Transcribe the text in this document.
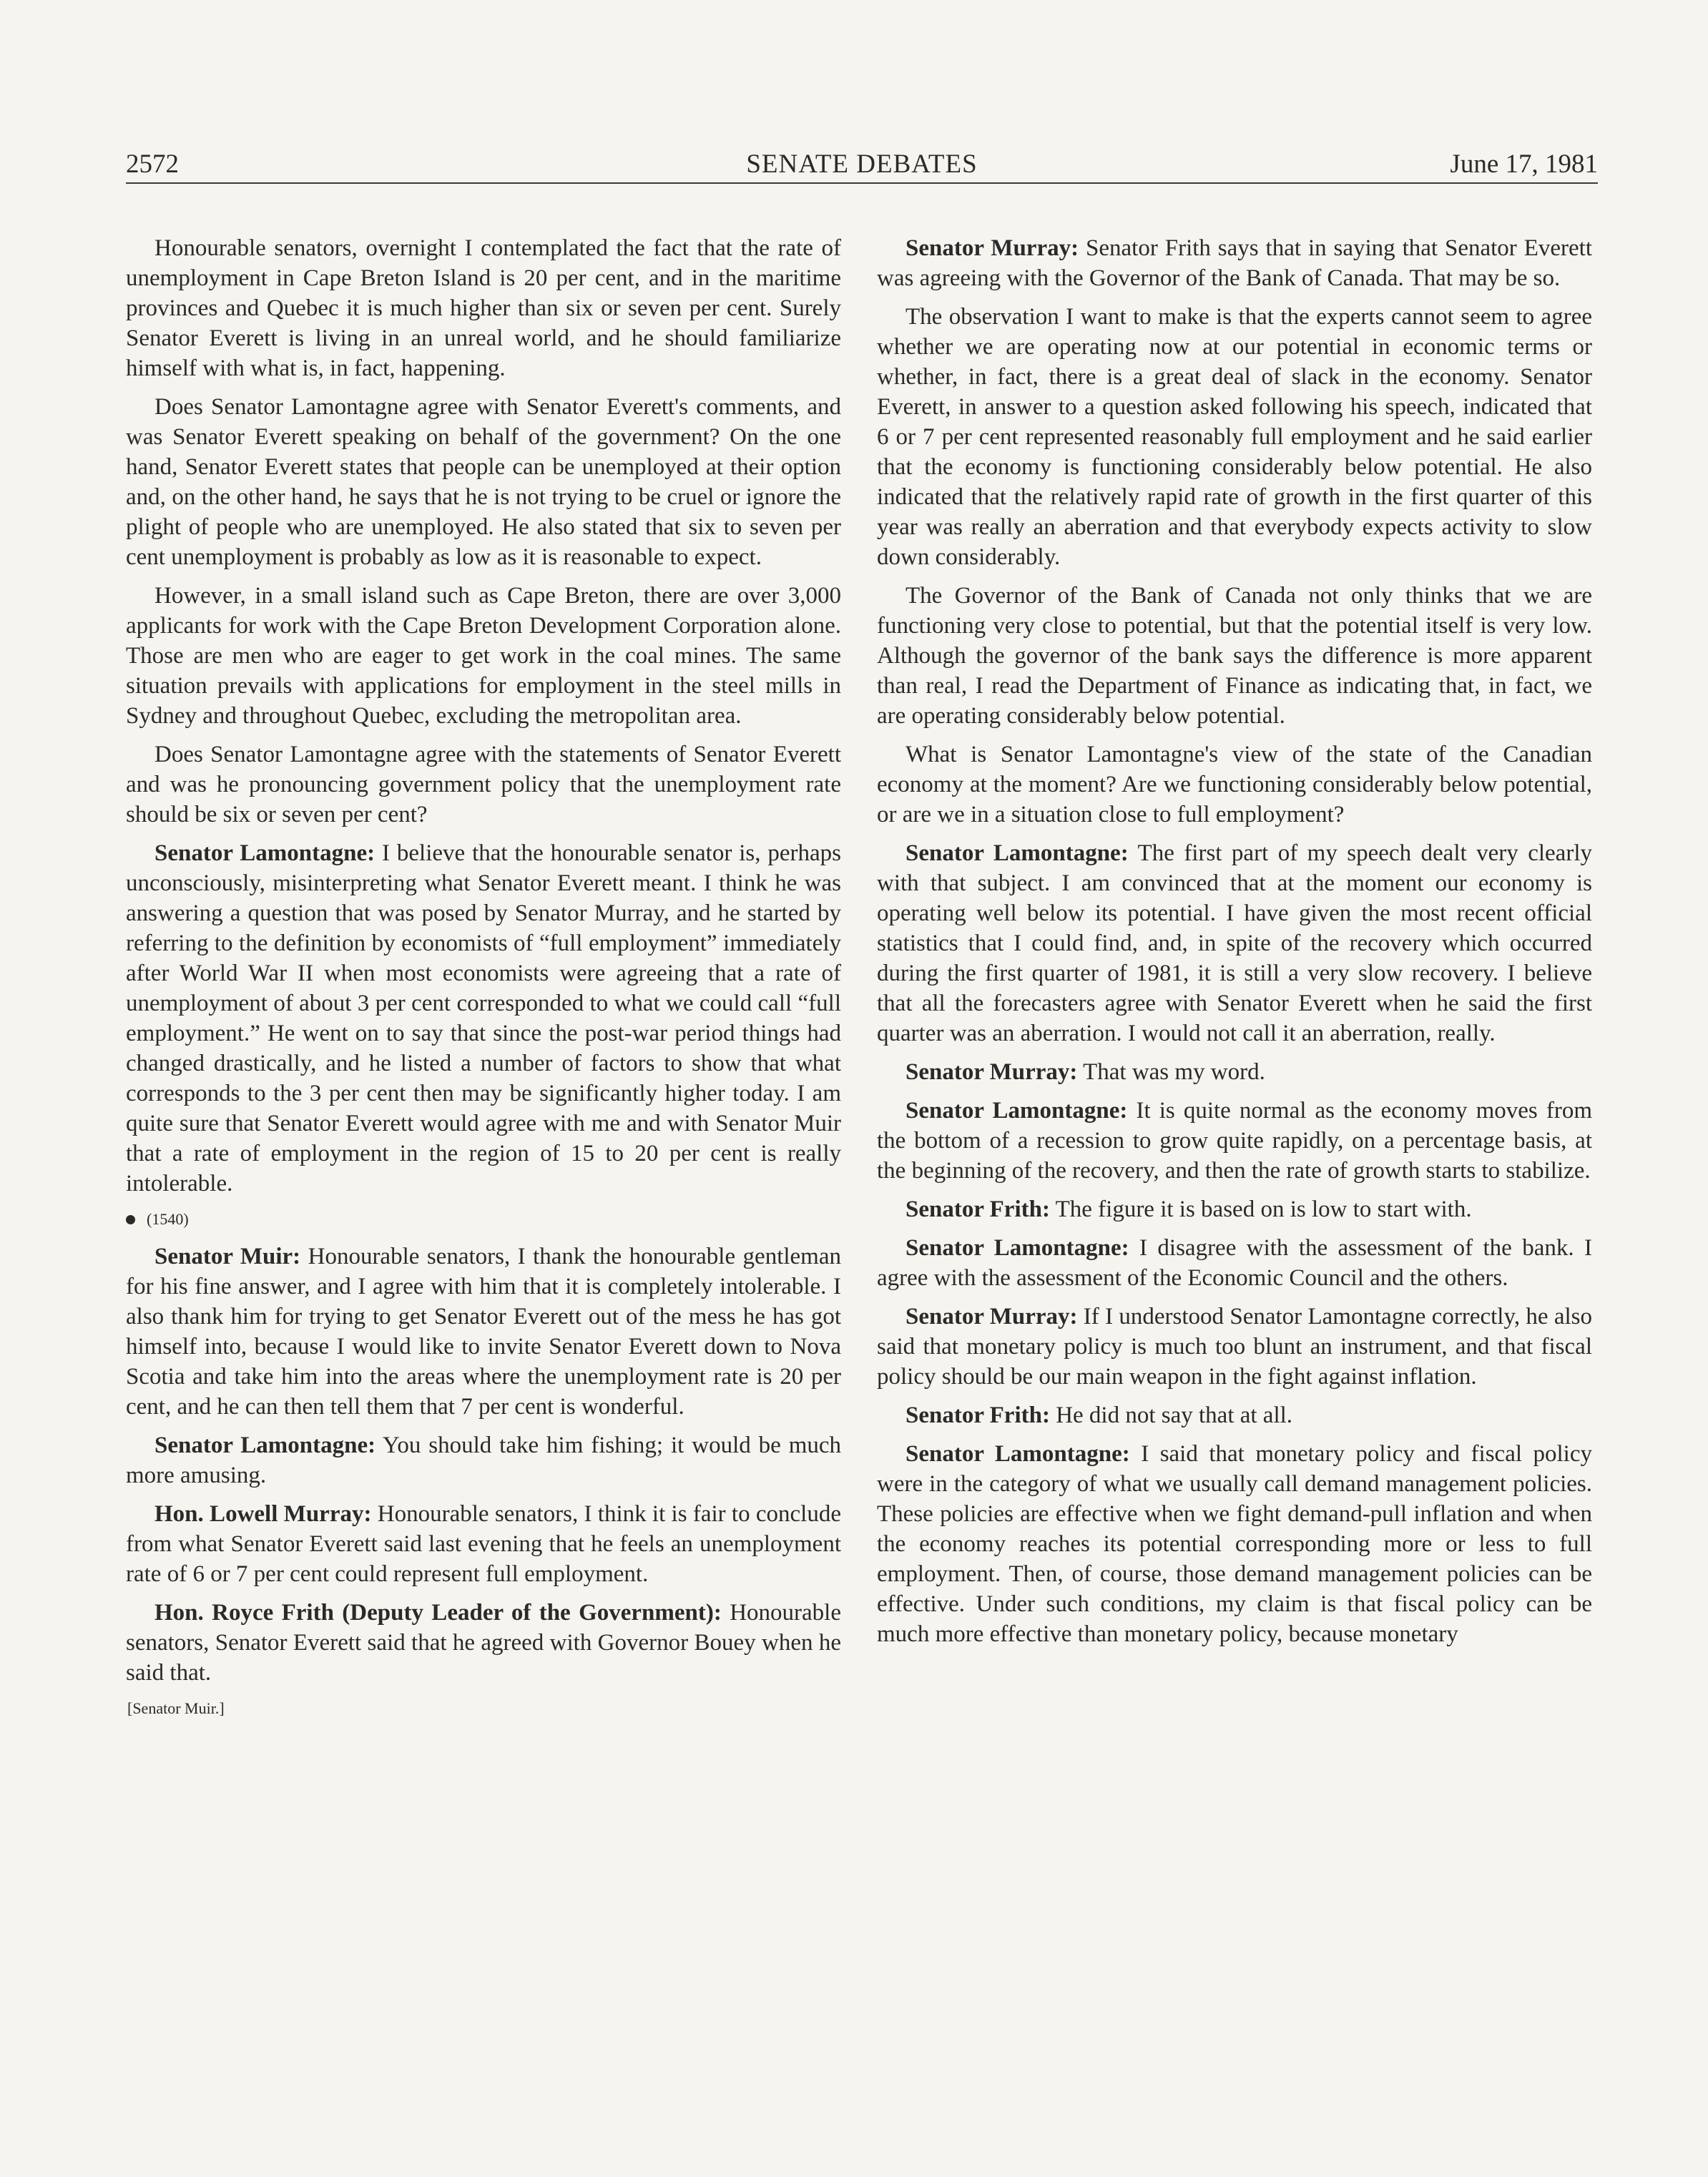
2572	SENATE DEBATES	June 17, 1981

Honourable senators, overnight I contemplated the fact that the rate of unemployment in Cape Breton Island is 20 per cent, and in the maritime provinces and Quebec it is much higher than six or seven per cent. Surely Senator Everett is living in an unreal world, and he should familiarize himself with what is, in fact, happening.

Does Senator Lamontagne agree with Senator Everett's comments, and was Senator Everett speaking on behalf of the government? On the one hand, Senator Everett states that people can be unemployed at their option and, on the other hand, he says that he is not trying to be cruel or ignore the plight of people who are unemployed. He also stated that six to seven per cent unemployment is probably as low as it is reasonable to expect.

However, in a small island such as Cape Breton, there are over 3,000 applicants for work with the Cape Breton Development Corporation alone. Those are men who are eager to get work in the coal mines. The same situation prevails with applications for employment in the steel mills in Sydney and throughout Quebec, excluding the metropolitan area.

Does Senator Lamontagne agree with the statements of Senator Everett and was he pronouncing government policy that the unemployment rate should be six or seven per cent?

Senator Lamontagne: I believe that the honourable senator is, perhaps unconsciously, misinterpreting what Senator Everett meant. I think he was answering a question that was posed by Senator Murray, and he started by referring to the definition by economists of “full employment” immediately after World War II when most economists were agreeing that a rate of unemployment of about 3 per cent corresponded to what we could call “full employment.” He went on to say that since the post-war period things had changed drastically, and he listed a number of factors to show that what corresponds to the 3 per cent then may be significantly higher today. I am quite sure that Senator Everett would agree with me and with Senator Muir that a rate of employment in the region of 15 to 20 per cent is really intolerable.

(1540)

Senator Muir: Honourable senators, I thank the honourable gentleman for his fine answer, and I agree with him that it is completely intolerable. I also thank him for trying to get Senator Everett out of the mess he has got himself into, because I would like to invite Senator Everett down to Nova Scotia and take him into the areas where the unemployment rate is 20 per cent, and he can then tell them that 7 per cent is wonderful.

Senator Lamontagne: You should take him fishing; it would be much more amusing.

Hon. Lowell Murray: Honourable senators, I think it is fair to conclude from what Senator Everett said last evening that he feels an unemployment rate of 6 or 7 per cent could represent full employment.

Hon. Royce Frith (Deputy Leader of the Government): Honourable senators, Senator Everett said that he agreed with Governor Bouey when he said that.

[Senator Muir.]

Senator Murray: Senator Frith says that in saying that Senator Everett was agreeing with the Governor of the Bank of Canada. That may be so.

The observation I want to make is that the experts cannot seem to agree whether we are operating now at our potential in economic terms or whether, in fact, there is a great deal of slack in the economy. Senator Everett, in answer to a question asked following his speech, indicated that 6 or 7 per cent represented reasonably full employment and he said earlier that the economy is functioning considerably below potential. He also indicated that the relatively rapid rate of growth in the first quarter of this year was really an aberration and that everybody expects activity to slow down considerably.

The Governor of the Bank of Canada not only thinks that we are functioning very close to potential, but that the potential itself is very low. Although the governor of the bank says the difference is more apparent than real, I read the Department of Finance as indicating that, in fact, we are operating considerably below potential.

What is Senator Lamontagne's view of the state of the Canadian economy at the moment? Are we functioning considerably below potential, or are we in a situation close to full employment?

Senator Lamontagne: The first part of my speech dealt very clearly with that subject. I am convinced that at the moment our economy is operating well below its potential. I have given the most recent official statistics that I could find, and, in spite of the recovery which occurred during the first quarter of 1981, it is still a very slow recovery. I believe that all the forecasters agree with Senator Everett when he said the first quarter was an aberration. I would not call it an aberration, really.

Senator Murray: That was my word.

Senator Lamontagne: It is quite normal as the economy moves from the bottom of a recession to grow quite rapidly, on a percentage basis, at the beginning of the recovery, and then the rate of growth starts to stabilize.

Senator Frith: The figure it is based on is low to start with.

Senator Lamontagne: I disagree with the assessment of the bank. I agree with the assessment of the Economic Council and the others.

Senator Murray: If I understood Senator Lamontagne correctly, he also said that monetary policy is much too blunt an instrument, and that fiscal policy should be our main weapon in the fight against inflation.

Senator Frith: He did not say that at all.

Senator Lamontagne: I said that monetary policy and fiscal policy were in the category of what we usually call demand management policies. These policies are effective when we fight demand-pull inflation and when the economy reaches its potential corresponding more or less to full employment. Then, of course, those demand management policies can be effective. Under such conditions, my claim is that fiscal policy can be much more effective than monetary policy, because monetary
